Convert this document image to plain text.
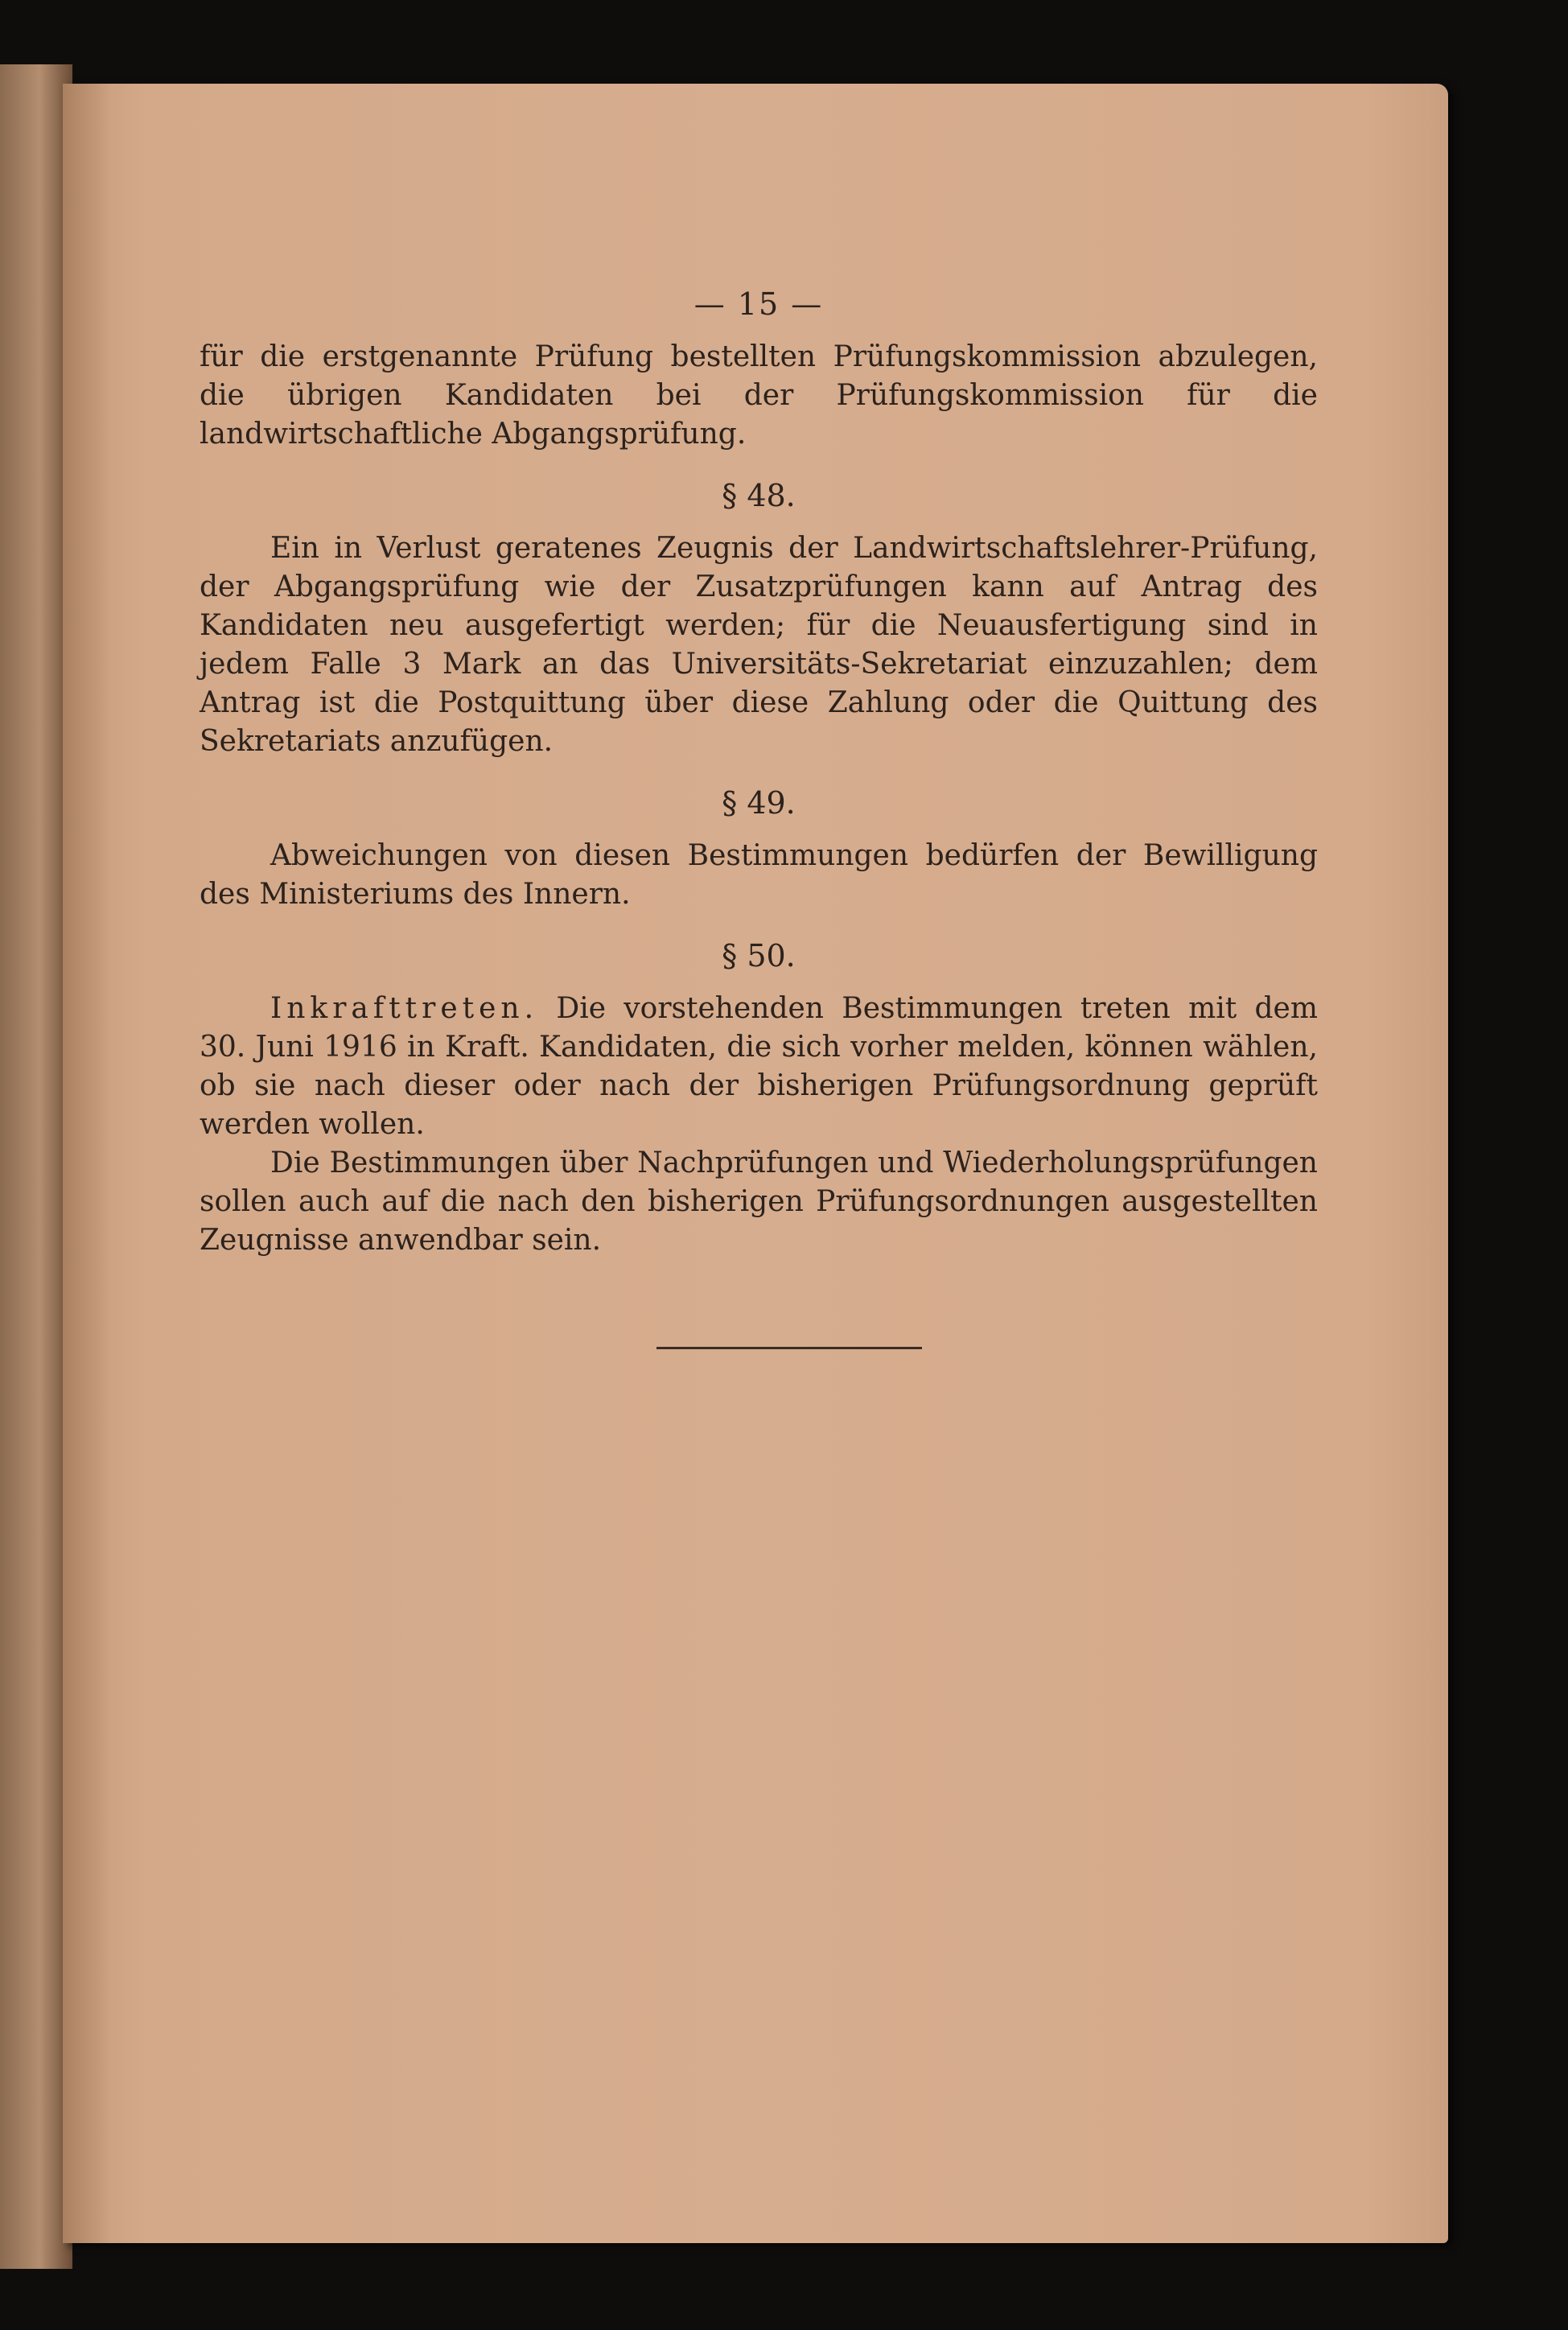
— 15 —

für die erstgenannte Prüfung bestellten Prüfungskommission abzulegen, die übrigen Kandidaten bei der Prüfungskommission für die landwirtschaftliche Abgangsprüfung.

§ 48.

Ein in Verlust geratenes Zeugnis der Landwirtschaftslehrer-Prüfung, der Abgangsprüfung wie der Zusatzprüfungen kann auf Antrag des Kandidaten neu ausgefertigt werden; für die Neuausfertigung sind in jedem Falle 3 Mark an das Universitäts-Sekretariat einzuzahlen; dem Antrag ist die Postquittung über diese Zahlung oder die Quittung des Sekretariats anzufügen.

§ 49.

Abweichungen von diesen Bestimmungen bedürfen der Bewilligung des Ministeriums des Innern.

§ 50.

Inkrafttreten. Die vorstehenden Bestimmungen treten mit dem 30. Juni 1916 in Kraft. Kandidaten, die sich vorher melden, können wählen, ob sie nach dieser oder nach der bisherigen Prüfungsordnung geprüft werden wollen.

Die Bestimmungen über Nachprüfungen und Wiederholungsprüfungen sollen auch auf die nach den bisherigen Prüfungsordnungen ausgestellten Zeugnisse anwendbar sein.
